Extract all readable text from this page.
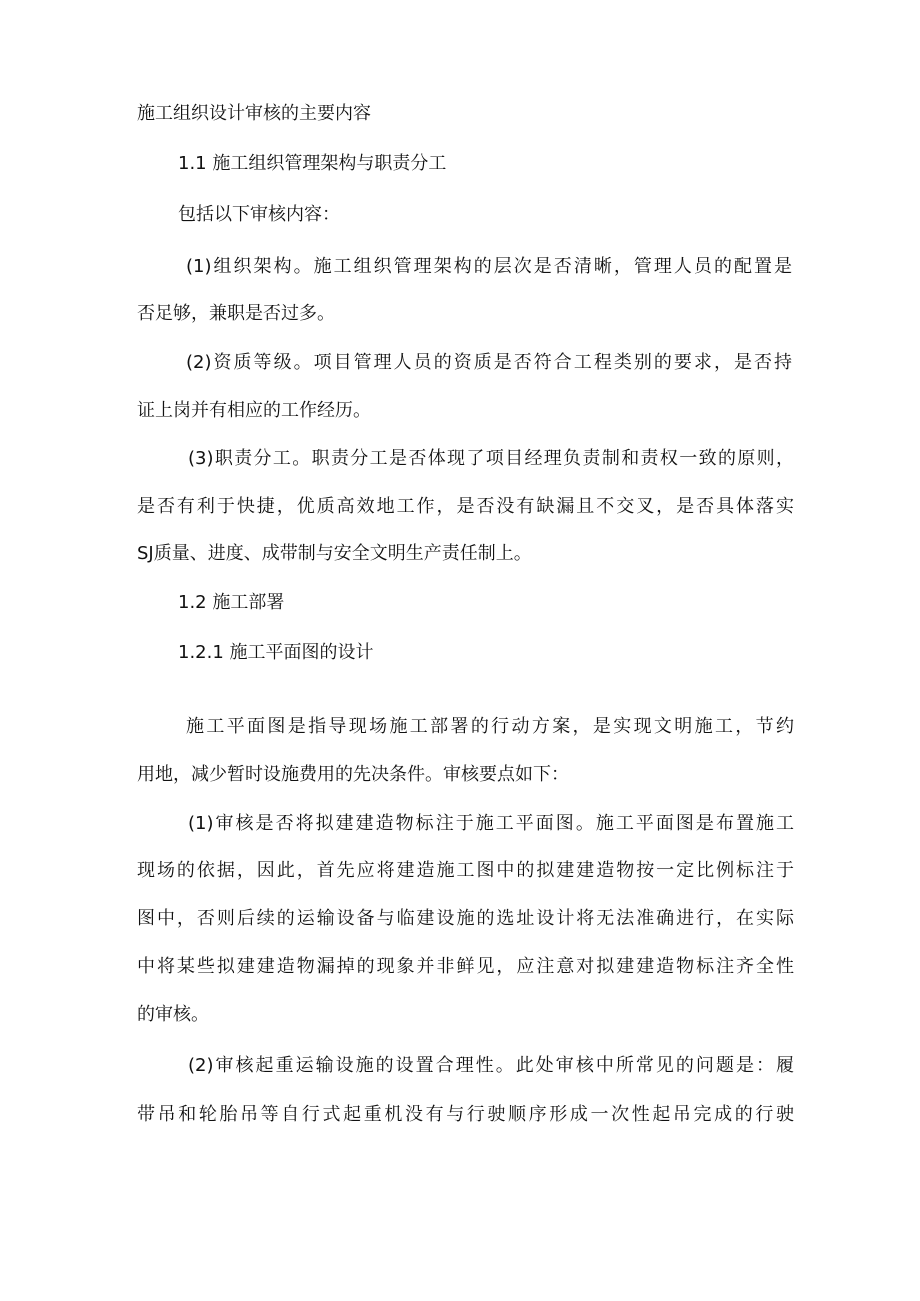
施工组织设计审核的主要内容
1.1 施工组织管理架构与职责分工
包括以下审核内容：
(1)组织架构。施工组织管理架构的层次是否清晰，管理人员的配置是
否足够，兼职是否过多。
(2)资质等级。项目管理人员的资质是否符合工程类别的要求，是否持
证上岗并有相应的工作经历。
(3)职责分工。职责分工是否体现了项目经理负责制和责权一致的原则，
是否有利于快捷，优质高效地工作，是否没有缺漏且不交叉，是否具体落实
SJ质量、进度、成带制与安全文明生产责任制上。
1.2 施工部署
1.2.1 施工平面图的设计
施工平面图是指导现场施工部署的行动方案，是实现文明施工，节约
用地，减少暂时设施费用的先决条件。审核要点如下：
(1)审核是否将拟建建造物标注于施工平面图。施工平面图是布置施工
现场的依据，因此，首先应将建造施工图中的拟建建造物按一定比例标注于
图中，否则后续的运输设备与临建设施的选址设计将无法准确进行，在实际
中将某些拟建建造物漏掉的现象并非鲜见，应注意对拟建建造物标注齐全性
的审核。
(2)审核起重运输设施的设置合理性。此处审核中所常见的问题是：履
带吊和轮胎吊等自行式起重机没有与行驶顺序形成一次性起吊完成的行驶
